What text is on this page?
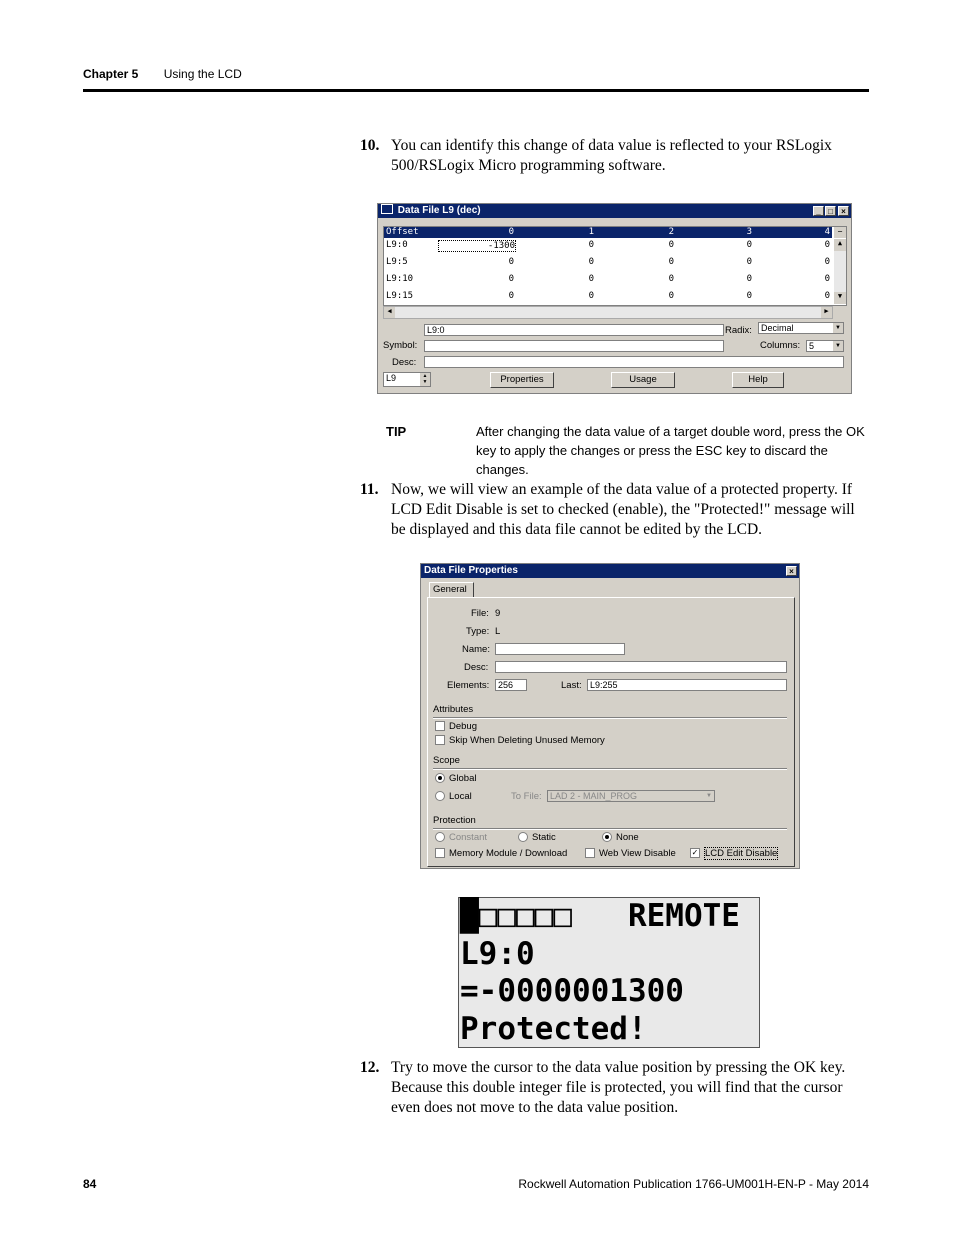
Chapter 5 Using the LCD
10. You can identify this change of data value is reflected to your RSLogix 500/RSLogix Micro programming software.
Data File L9 (dec)	_ □	×
Offset	0	1	2	3	4
L9:0	-1300	0	0	0	0
L9:5	0	0	0	0	0
L9:10	0	0	0	0	0
L9:15	0	0	0	0	0
▲
▼
−
◀	▶
L9:0
Symbol:
Desc:
Radix:	Decimal	▼
Columns: 5	▼
L9	▲
▼	Properties	Usage	Help
TIP	After changing the data value of a target double word, press the OK key to apply the changes or press the ESC key to discard the changes.
11. Now, we will view an example of the data value of a protected property. If LCD Edit Disable is set to checked (enable), the "Protected!" message will be displayed and this data file cannot be edited by the LCD.
Data File Properties	×
General
File: 9
Type: L
Name:
Desc:
Elements: 256	Last: L9:255
Attributes
Debug
Skip When Deleting Unused Memory
Scope
Global
Local	To File: LAD 2 - MAIN_PROG	▼
Protection
Constant	Static	None
Memory Module / Download	Web View Disable ✓ LCD Edit Disable
█□□□□□   REMOTE
L9:0
=-0000001300
Protected!
12. Try to move the cursor to the data value position by pressing the OK key. Because this double integer file is protected, you will find that the cursor even does not move to the data value position.
84	Rockwell Automation Publication 1766-UM001H-EN-P - May 2014
